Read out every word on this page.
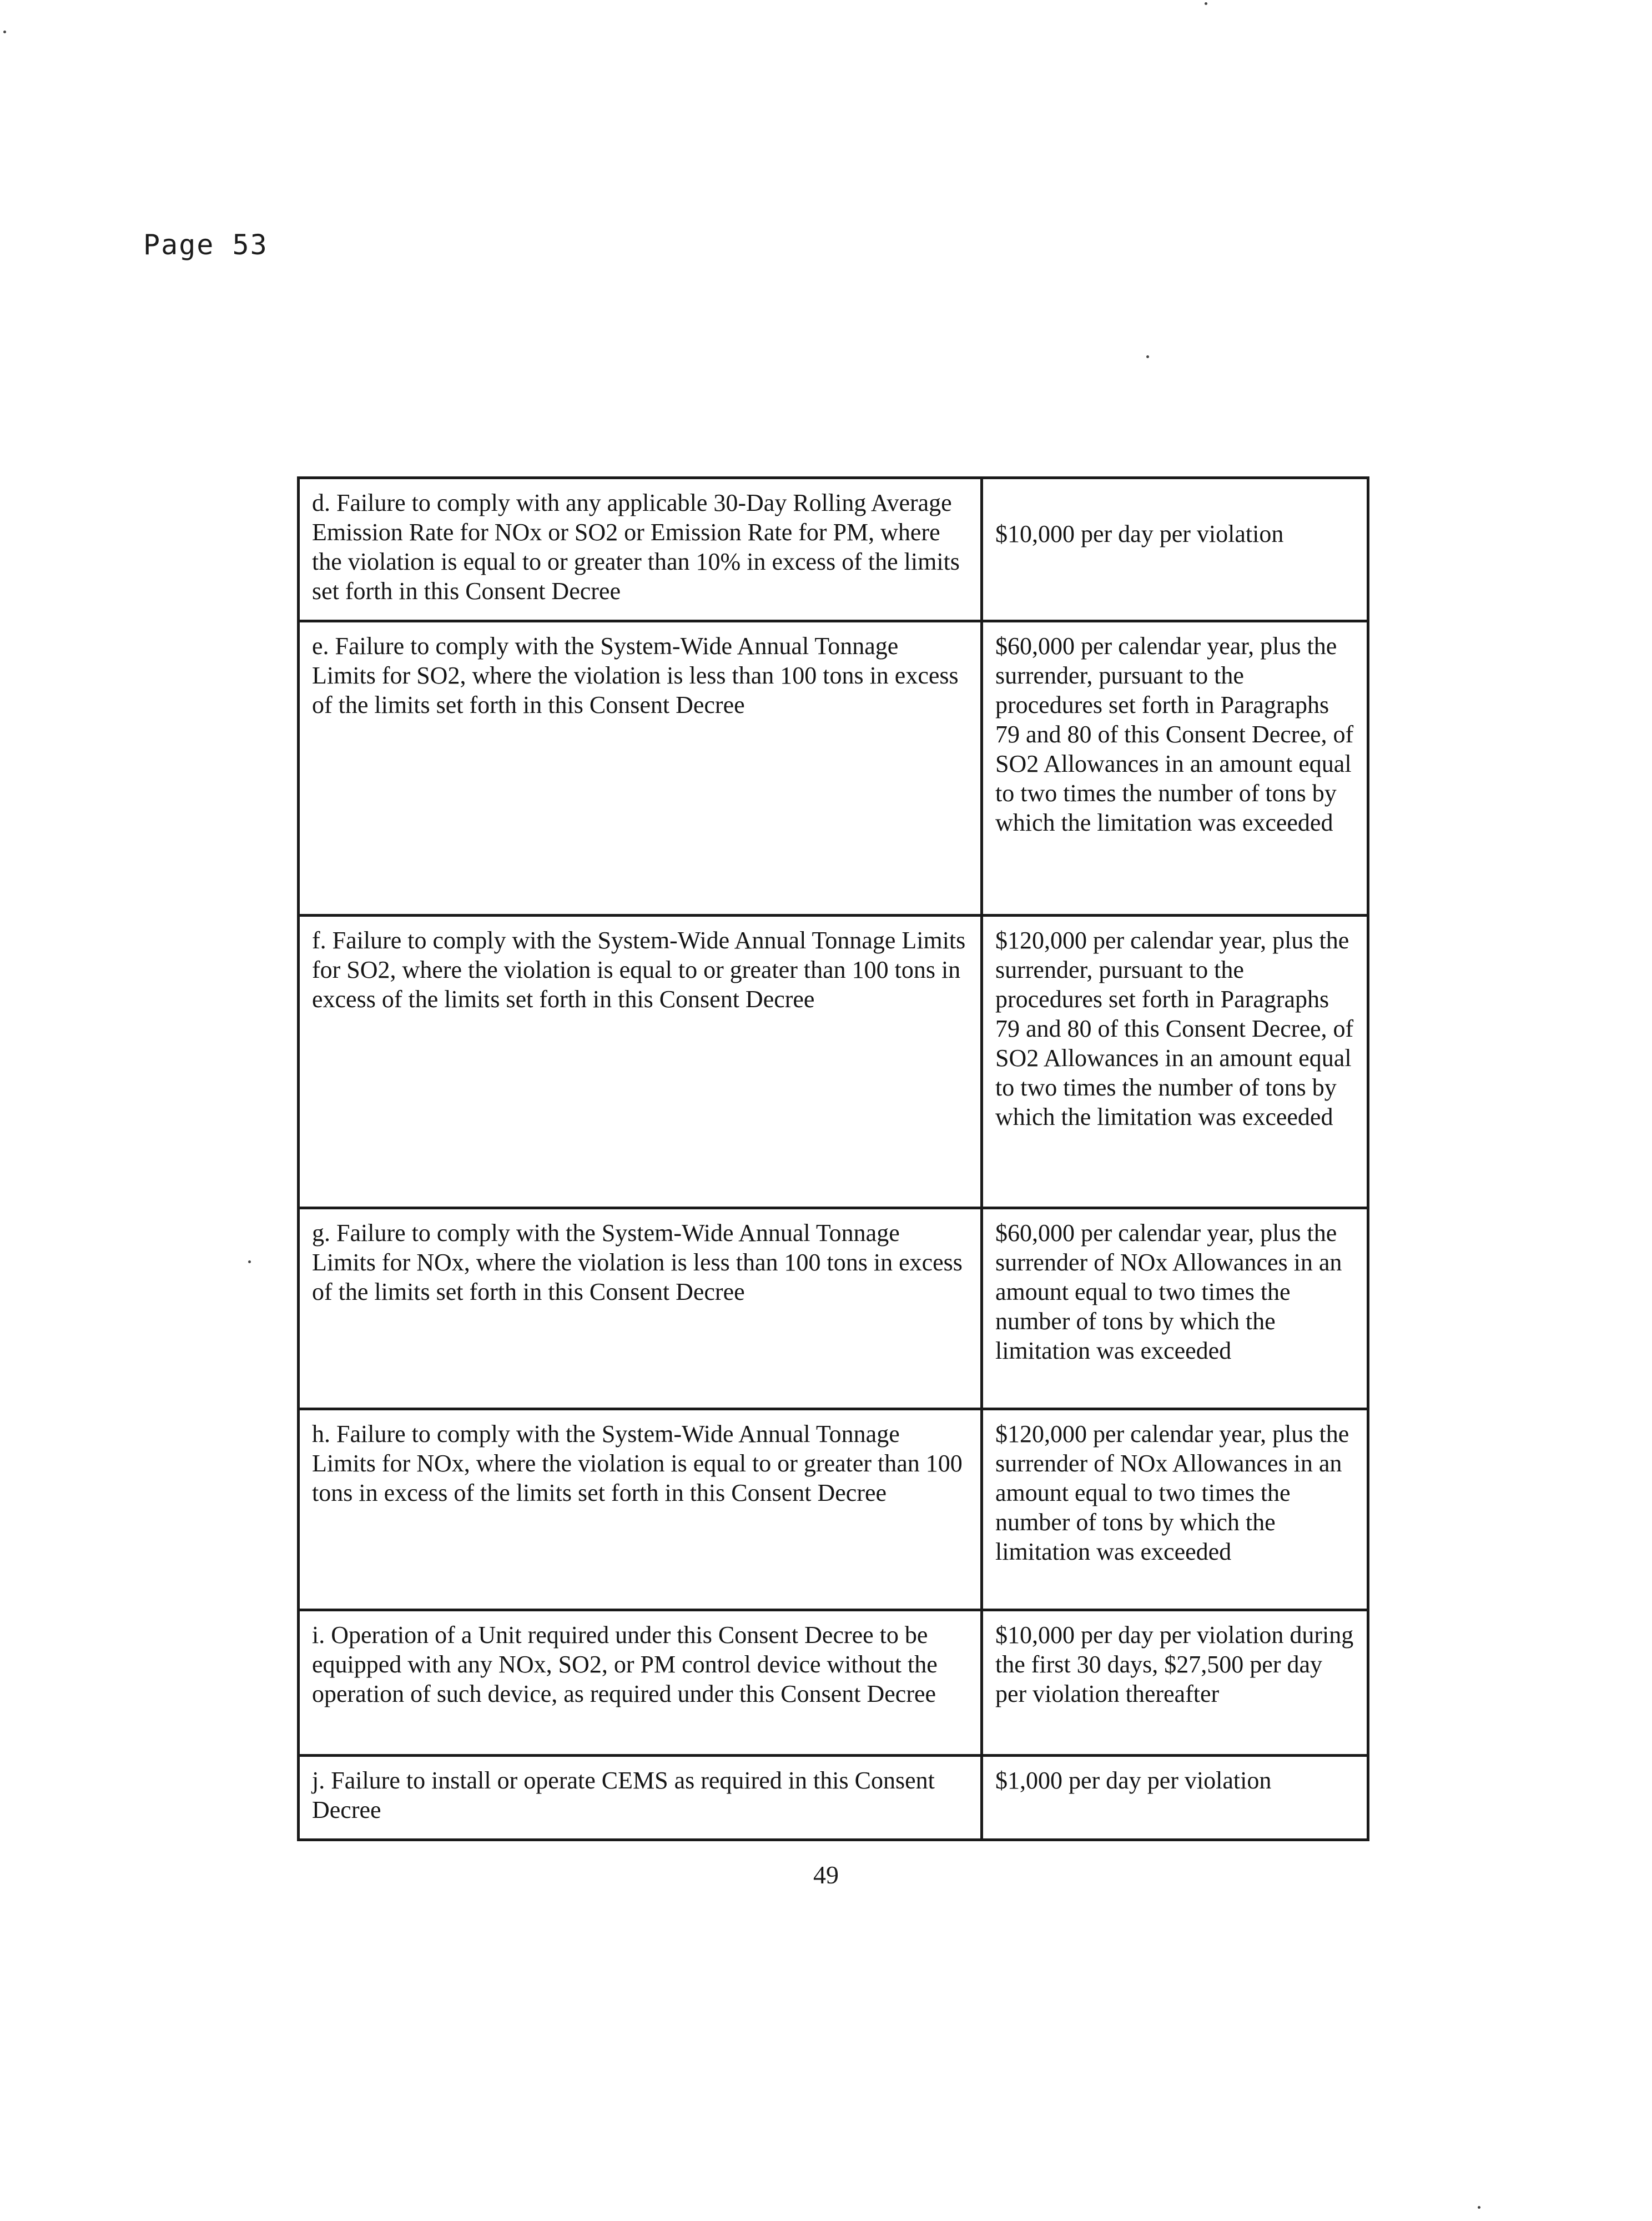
Page 53
d. Failure to comply with any applicable 30-Day Rolling Average Emission Rate for NOx or SO2 or Emission Rate for PM, where the violation is equal to or greater than 10% in excess of the limits set forth in this Consent Decree	$10,000 per day per violation
e. Failure to comply with the System-Wide Annual Tonnage Limits for SO2, where the violation is less than 100 tons in excess of the limits set forth in this Consent Decree	$60,000 per calendar year, plus the surrender, pursuant to the procedures set forth in Paragraphs 79 and 80 of this Consent Decree, of SO2 Allowances in an amount equal to two times the number of tons by which the limitation was exceeded
f. Failure to comply with the System-Wide Annual Tonnage Limits for SO2, where the violation is equal to or greater than 100 tons in excess of the limits set forth in this Consent Decree	$120,000 per calendar year, plus the surrender, pursuant to the procedures set forth in Paragraphs 79 and 80 of this Consent Decree, of SO2 Allowances in an amount equal to two times the number of tons by which the limitation was exceeded
g. Failure to comply with the System-Wide Annual Tonnage Limits for NOx, where the violation is less than 100 tons in excess of the limits set forth in this Consent Decree	$60,000 per calendar year, plus the surrender of NOx Allowances in an amount equal to two times the number of tons by which the limitation was exceeded
h. Failure to comply with the System-Wide Annual Tonnage Limits for NOx, where the violation is equal to or greater than 100 tons in excess of the limits set forth in this Consent Decree	$120,000 per calendar year, plus the surrender of NOx Allowances in an amount equal to two times the number of tons by which the limitation was exceeded
i. Operation of a Unit required under this Consent Decree to be equipped with any NOx, SO2, or PM control device without the operation of such device, as required under this Consent Decree	$10,000 per day per violation during the first 30 days, $27,500 per day per violation thereafter
j. Failure to install or operate CEMS as required in this Consent Decree	$1,000 per day per violation
49
